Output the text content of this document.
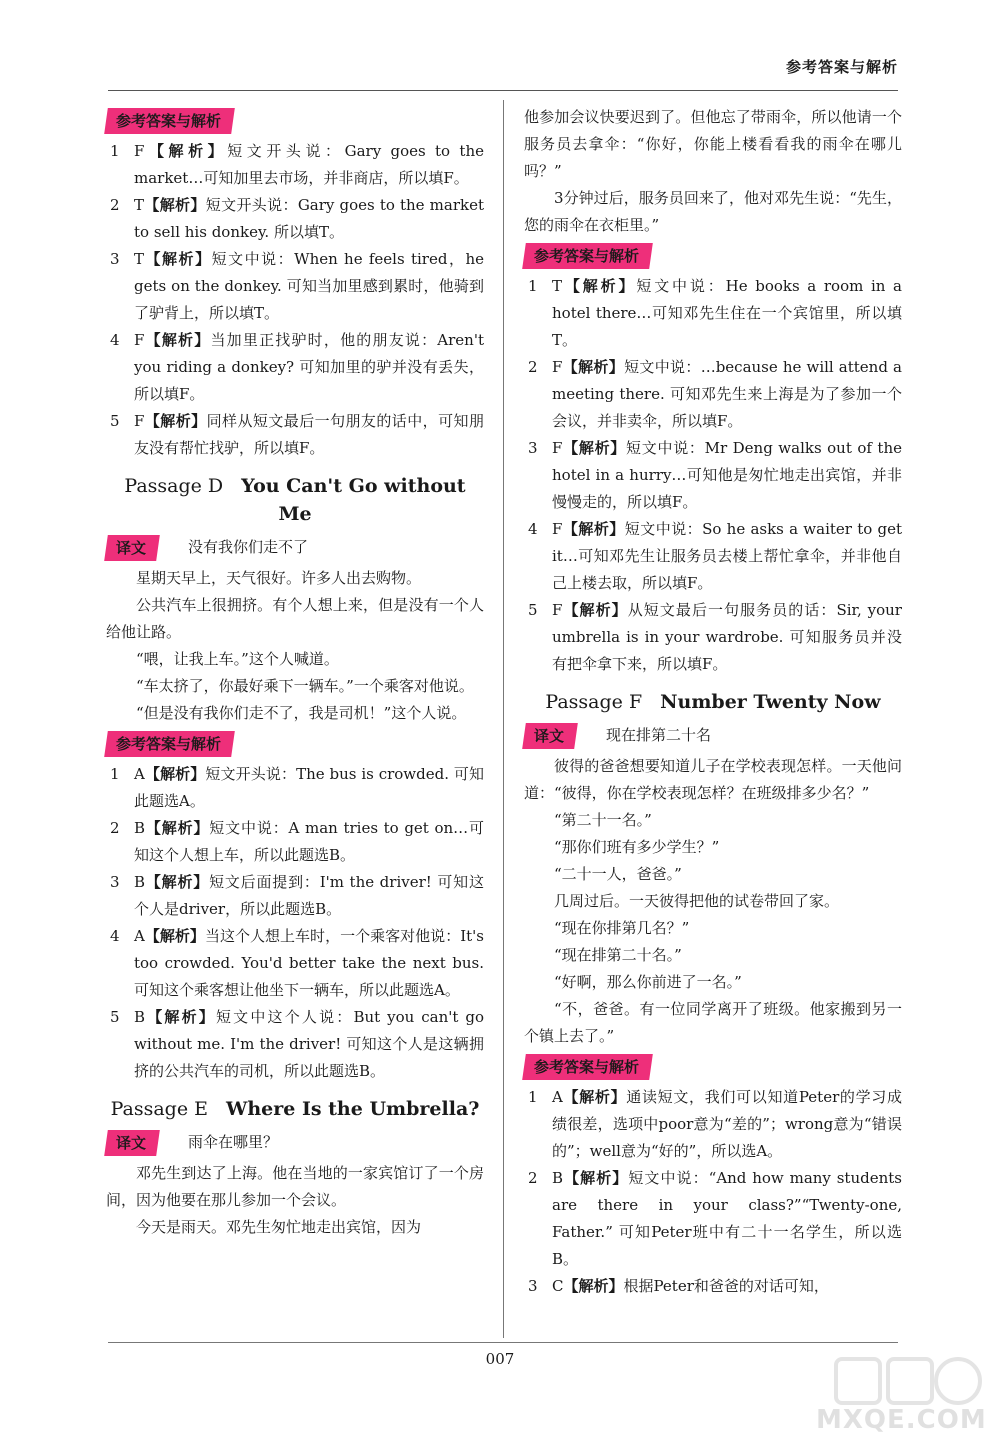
参考答案与解析
参考答案与解析
1 F【解析】短文开头说：Gary goes to the market…可知加里去市场，并非商店，所以填F。
2 T【解析】短文开头说：Gary goes to the market to sell his donkey. 所以填T。
3 T【解析】短文中说：When he feels tired，he gets on the donkey. 可知当加里感到累时，他骑到了驴背上，所以填T。
4 F【解析】当加里正找驴时，他的朋友说：Aren't you riding a donkey? 可知加里的驴并没有丢失，所以填F。
5 F【解析】同样从短文最后一句朋友的话中，可知朋友没有帮忙找驴，所以填F。
Passage D You Can't Go without Me
译文	没有我你们走不了

星期天早上，天气很好。许多人出去购物。

公共汽车上很拥挤。有个人想上来，但是没有一个人给他让路。

“喂，让我上车。”这个人喊道。

“车太挤了，你最好乘下一辆车。”一个乘客对他说。

“但是没有我你们走不了，我是司机！”这个人说。

参考答案与解析
1 A【解析】短文开头说：The bus is crowded. 可知此题选A。
2 B【解析】短文中说：A man tries to get on…可知这个人想上车，所以此题选B。
3 B【解析】短文后面提到：I'm the driver! 可知这个人是driver，所以此题选B。
4 A【解析】当这个人想上车时，一个乘客对他说：It's too crowded. You'd better take the next bus. 可知这个乘客想让他坐下一辆车，所以此题选A。
5 B【解析】短文中这个人说：But you can't go without me. I'm the driver! 可知这个人是这辆拥挤的公共汽车的司机，所以此题选B。
Passage E Where Is the Umbrella?
译文	雨伞在哪里？

邓先生到达了上海。他在当地的一家宾馆订了一个房间，因为他要在那儿参加一个会议。

今天是雨天。邓先生匆忙地走出宾馆，因为

他参加会议快要迟到了。但他忘了带雨伞，所以他请一个服务员去拿伞：“你好，你能上楼看看我的雨伞在哪儿吗？”

3分钟过后，服务员回来了，他对邓先生说：“先生，您的雨伞在衣柜里。”

参考答案与解析
1 T【解析】短文中说：He books a room in a hotel there…可知邓先生住在一个宾馆里，所以填T。
2 F【解析】短文中说：…because he will attend a meeting there. 可知邓先生来上海是为了参加一个会议，并非卖伞，所以填F。
3 F【解析】短文中说：Mr Deng walks out of the hotel in a hurry…可知他是匆忙地走出宾馆，并非慢慢走的，所以填F。
4 F【解析】短文中说：So he asks a waiter to get it…可知邓先生让服务员去楼上帮忙拿伞，并非他自己上楼去取，所以填F。
5 F【解析】从短文最后一句服务员的话：Sir, your umbrella is in your wardrobe. 可知服务员并没有把伞拿下来，所以填F。
Passage F Number Twenty Now
译文	现在排第二十名

彼得的爸爸想要知道儿子在学校表现怎样。一天他问道：“彼得，你在学校表现怎样？在班级排多少名？”

“第二十一名。”

“那你们班有多少学生？”

“二十一人，爸爸。”

几周过后。一天彼得把他的试卷带回了家。

“现在你排第几名？”

“现在排第二十名。”

“好啊，那么你前进了一名。”

“不，爸爸。有一位同学离开了班级。他家搬到另一个镇上去了。”

参考答案与解析
1 A【解析】通读短文，我们可以知道Peter的学习成绩很差，选项中poor意为“差的”；wrong意为“错误的”；well意为“好的”，所以选A。
2 B【解析】短文中说：“And how many students are there in your class?”“Twenty-one, Father.” 可知Peter班中有二十一名学生，所以选B。
3 C【解析】根据Peter和爸爸的对话可知，
007
MXQE.COM
